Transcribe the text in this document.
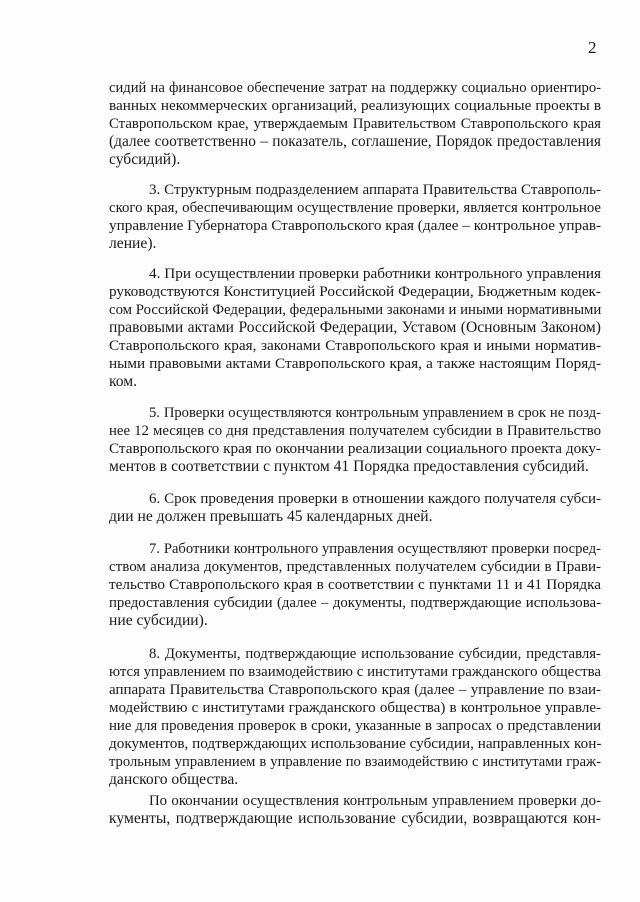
2
сидий на финансовое обеспечение затрат на поддержку социально ориентиро-
ванных некоммерческих организаций, реализующих социальные проекты в
Ставропольском крае, утверждаемым Правительством Ставропольского края
(далее соответственно – показатель, соглашение, Порядок предоставления
субсидий).
3. Структурным подразделением аппарата Правительства Ставрополь-
ского края, обеспечивающим осуществление проверки, является контрольное
управление Губернатора Ставропольского края (далее – контрольное управ-
ление).
4. При осуществлении проверки работники контрольного управления
руководствуются Конституцией Российской Федерации, Бюджетным кодек-
сом Российской Федерации, федеральными законами и иными нормативными
правовыми актами Российской Федерации, Уставом (Основным Законом)
Ставропольского края, законами Ставропольского края и иными норматив-
ными правовыми актами Ставропольского края, а также настоящим Поряд-
ком.
5. Проверки осуществляются контрольным управлением в срок не позд-
нее 12 месяцев со дня представления получателем субсидии в Правительство
Ставропольского края по окончании реализации социального проекта доку-
ментов в соответствии с пунктом 41 Порядка предоставления субсидий.
6. Срок проведения проверки в отношении каждого получателя субси-
дии не должен превышать 45 календарных дней.
7. Работники контрольного управления осуществляют проверки посред-
ством анализа документов, представленных получателем субсидии в Прави-
тельство Ставропольского края в соответствии с пунктами 11 и 41 Порядка
предоставления субсидии (далее – документы, подтверждающие использова-
ние субсидии).
8. Документы, подтверждающие использование субсидии, представля-
ются управлением по взаимодействию с институтами гражданского общества
аппарата Правительства Ставропольского края (далее – управление по взаи-
модействию с институтами гражданского общества) в контрольное управле-
ние для проведения проверок в сроки, указанные в запросах о представлении
документов, подтверждающих использование субсидии, направленных кон-
трольным управлением в управление по взаимодействию с институтами граж-
данского общества.
По окончании осуществления контрольным управлением проверки до-
кументы, подтверждающие использование субсидии, возвращаются кон-
